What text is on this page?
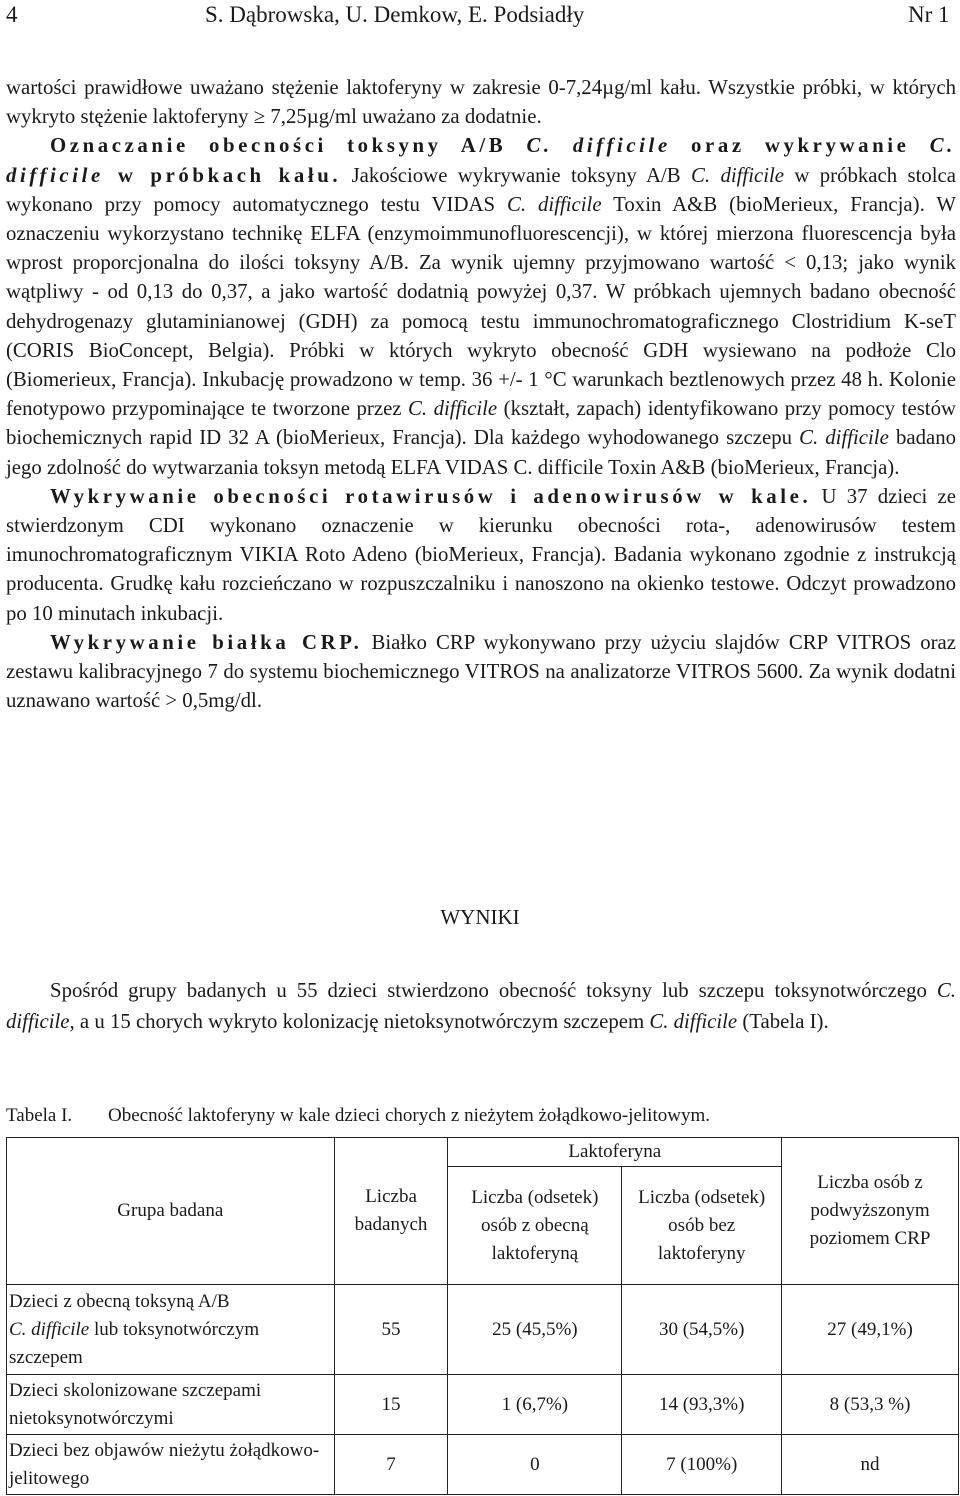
4	S. Dąbrowska, U. Demkow, E. Podsiadły	Nr 1

wartości prawidłowe uważano stężenie laktoferyny w zakresie 0-7,24µg/ml kału. Wszystkie próbki, w których wykryto stężenie laktoferyny ≥ 7,25µg/ml uważano za dodatnie.

Oznaczanie obecności toksyny A/B C. difficile oraz wykrywanie C. difficile w próbkach kału. Jakościowe wykrywanie toksyny A/B C. difficile w próbkach stolca wykonano przy pomocy automatycznego testu VIDAS C. difficile Toxin A&B (bioMerieux, Francja). W oznaczeniu wykorzystano technikę ELFA (enzymoimmunofluorescencji), w której mierzona fluorescencja była wprost proporcjonalna do ilości toksyny A/B. Za wynik ujemny przyjmowano wartość < 0,13; jako wynik wątpliwy - od 0,13 do 0,37, a jako wartość dodatnią powyżej 0,37. W próbkach ujemnych badano obecność dehydrogenazy glutaminianowej (GDH) za pomocą testu immunochromatograficznego Clostridium K-seT (CORIS BioConcept, Belgia). Próbki w których wykryto obecność GDH wysiewano na podłoże Clo (Biomerieux, Francja). Inkubację prowadzono w temp. 36 +/- 1 °C warunkach beztlenowych przez 48 h. Kolonie fenotypowo przypominające te tworzone przez C. difficile (kształt, zapach) identyfikowano przy pomocy testów biochemicznych rapid ID 32 A (bioMerieux, Francja). Dla każdego wyhodowanego szczepu C. difficile badano jego zdolność do wytwarzania toksyn metodą ELFA VIDAS C. difficile Toxin A&B (bioMerieux, Francja).

Wykrywanie obecności rotawirusów i adenowirusów w kale. U 37 dzieci ze stwierdzonym CDI wykonano oznaczenie w kierunku obecności rota-, adenowirusów testem imunochromatograficznym VIKIA Roto Adeno (bioMerieux, Francja). Badania wykonano zgodnie z instrukcją producenta. Grudkę kału rozcieńczano w rozpuszczalniku i nanoszono na okienko testowe. Odczyt prowadzono po 10 minutach inkubacji.

Wykrywanie białka CRP. Białko CRP wykonywano przy użyciu slajdów CRP VITROS oraz zestawu kalibracyjnego 7 do systemu biochemicznego VITROS na analizatorze VITROS 5600. Za wynik dodatni uznawano wartość > 0,5mg/dl.

WYNIKI

Spośród grupy badanych u 55 dzieci stwierdzono obecność toksyny lub szczepu toksynotwórczego C. difficile, a u 15 chorych wykryto kolonizację nietoksynotwórczym szczepem C. difficile (Tabela I).

Tabela I. Obecność laktoferyny w kale dzieci chorych z nieżytem żołądkowo-jelitowym.
Grupa badana	Liczba badanych	Laktoferyna		Liczba osób z podwyższonym poziomem CRP
		Liczba (odsetek) osób z obecną laktoferyną	Liczba (odsetek) osób bez laktoferyny	
Dzieci z obecną toksyną A/B
C. difficile lub toksynotwórczym szczepem	55	25 (45,5%)	30 (54,5%)	27 (49,1%)
Dzieci skolonizowane szczepami nietoksynotwórczymi	15	1 (6,7%)	14 (93,3%)	8 (53,3 %)
Dzieci bez objawów nieżytu żołądkowo-jelitowego	7	0	7 (100%)	nd
